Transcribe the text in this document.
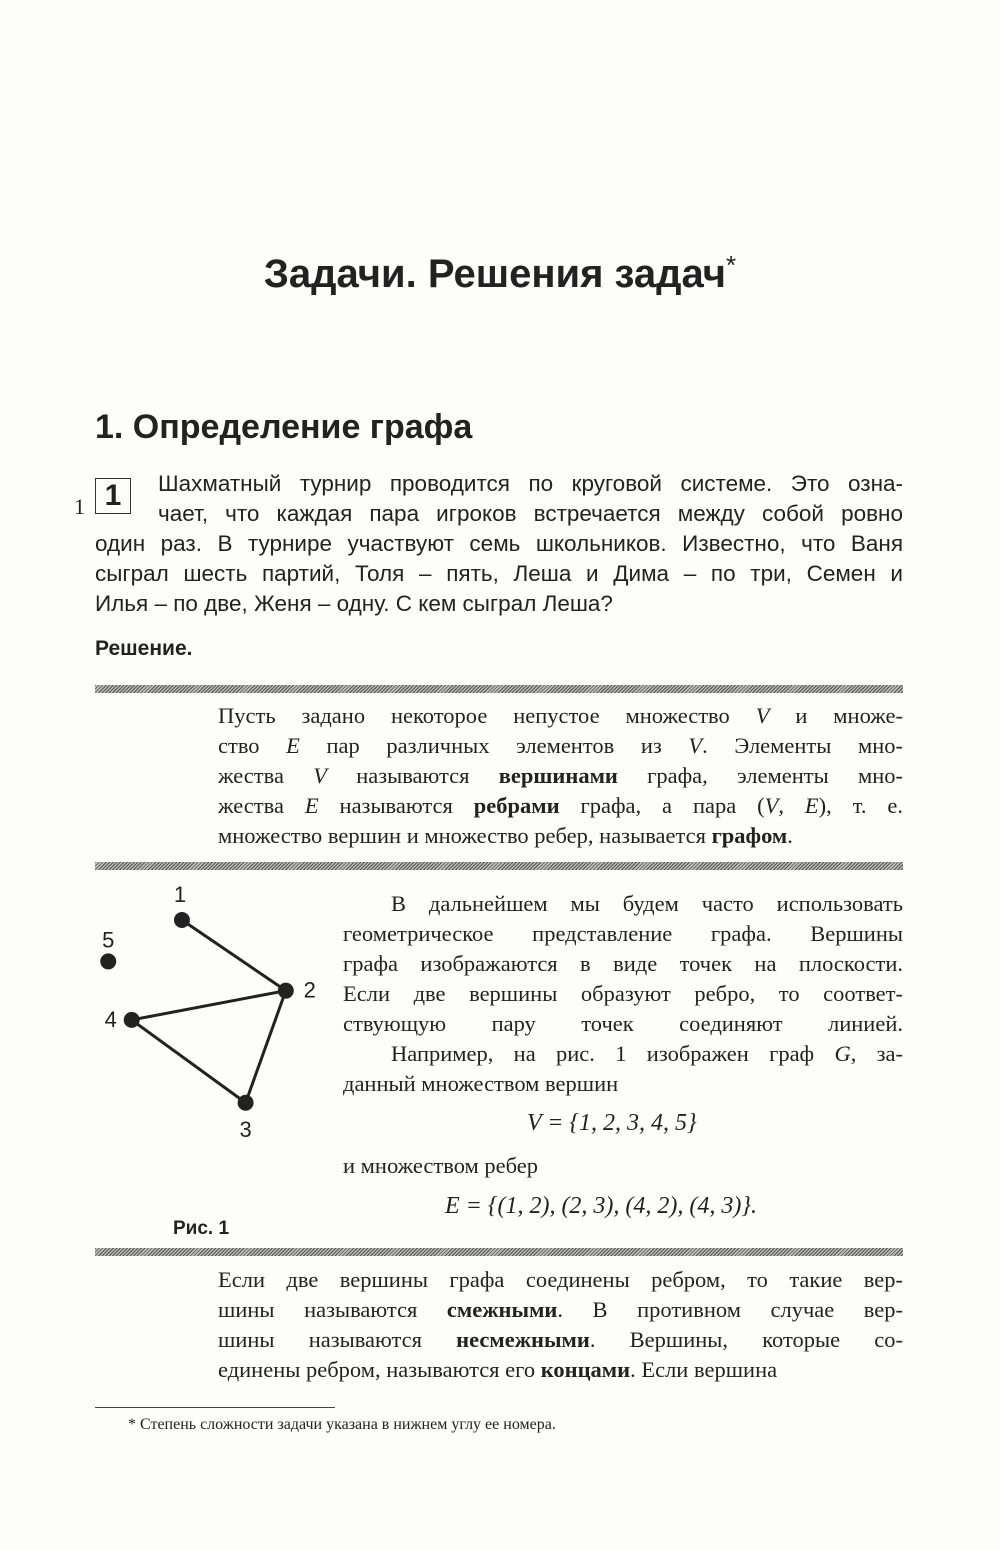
Задачи. Решения задач*
1. Определение графа
1 1	Шахматный турнир проводится по круговой системе. Это озна-
чает, что каждая пара игроков встречается между собой ровно
один раз. В турнире участвуют семь школьников. Известно, что Ваня
сыграл шесть партий, Толя – пять, Леша и Дима – по три, Семен и
Илья – по две, Женя – одну. С кем сыграл Леша?
Решение.
Пусть задано некоторое непустое множество V и множе-
ство E пар различных элементов из V. Элементы мно-
жества V называются вершинами графа, элементы мно-
жества E называются ребрами графа, а пара (V, E), т. е.
множество вершин и множество ребер, называется графом.
1
2
3
4
5
Рис. 1
В дальнейшем мы будем часто использовать
геометрическое представление графа. Вершины
графа изображаются в виде точек на плоскости.
Если две вершины образуют ребро, то соответ-
ствующую пару точек соединяют линией.
Например, на рис. 1 изображен граф G, за-
данный множеством вершин
V = {1, 2, 3, 4, 5}
и множеством ребер
E = {(1, 2), (2, 3), (4, 2), (4, 3)}.
Если две вершины графа соединены ребром, то такие вер-
шины называются смежными. В противном случае вер-
шины называются несмежными. Вершины, которые со-
единены ребром, называются его концами. Если вершина
* Степень сложности задачи указана в нижнем углу ее номера.
